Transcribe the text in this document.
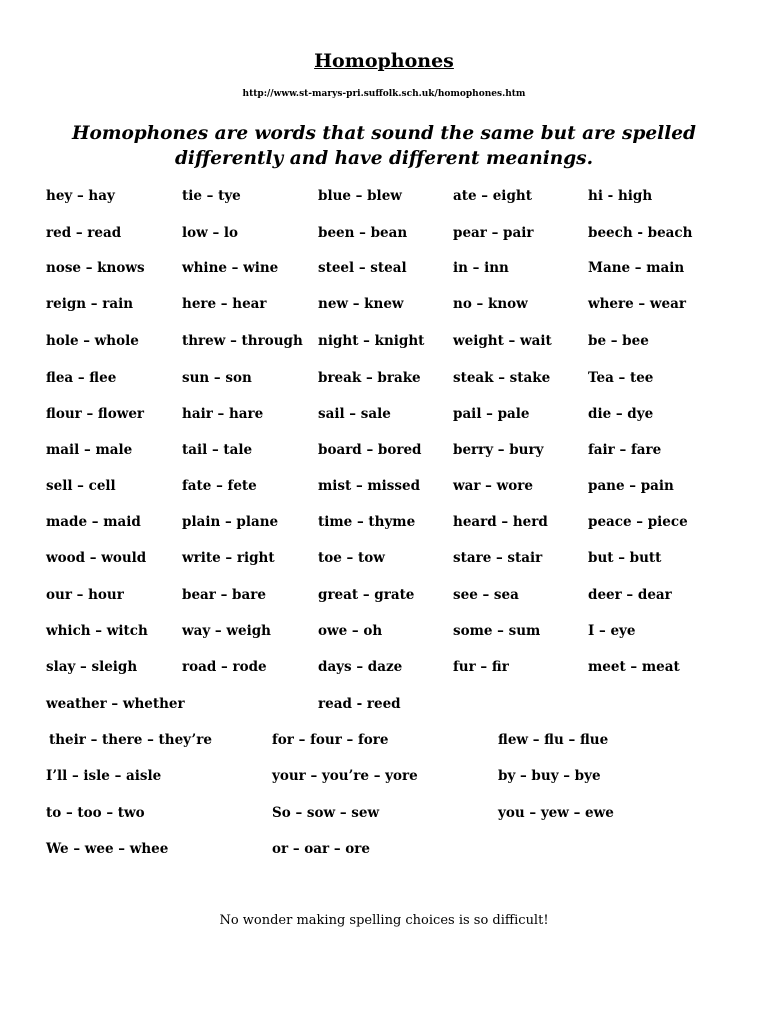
Homophones

http://www.st-marys-pri.suffolk.sch.uk/homophones.htm

Homophones are words that sound the same but are spelled differently and have different meanings.

hey – hay	tie – tye	blue – blew	ate – eight	hi - high

red – read	low – lo	been – bean	pear – pair	beech - beach

nose – knows	whine – wine	steel – steal	in – inn	Mane – main

reign – rain	here – hear	new – knew	no – know	where – wear

hole – whole	threw – through night – knight weight – wait	be – bee

flea – flee	sun – son	break – brake steak – stake	Tea – tee

flour – flower	hair – hare	sail – sale	pail – pale	die – dye

mail – male	tail – tale	board – bored berry – bury	fair – fare

sell – cell	fate – fete	mist – missed war – wore	pane – pain

made – maid	plain – plane	time – thyme	heard – herd	peace – piece

wood – would	write – right	toe – tow	stare – stair	but – butt

our – hour	bear – bare	great – grate	see – sea	deer – dear

which – witch	way – weigh	owe – oh	some – sum	I – eye

slay – sleigh	road – rode	days – daze	fur – fir	meet – meat

weather – whether	read - reed

their – there – they’re	for – four – fore	flew – flu – flue

I’ll – isle – aisle	your – you’re – yore	by – buy – bye

to – too – two	So – sow – sew	you – yew – ewe

We – wee – whee	or – oar – ore

No wonder making spelling choices is so difficult!
